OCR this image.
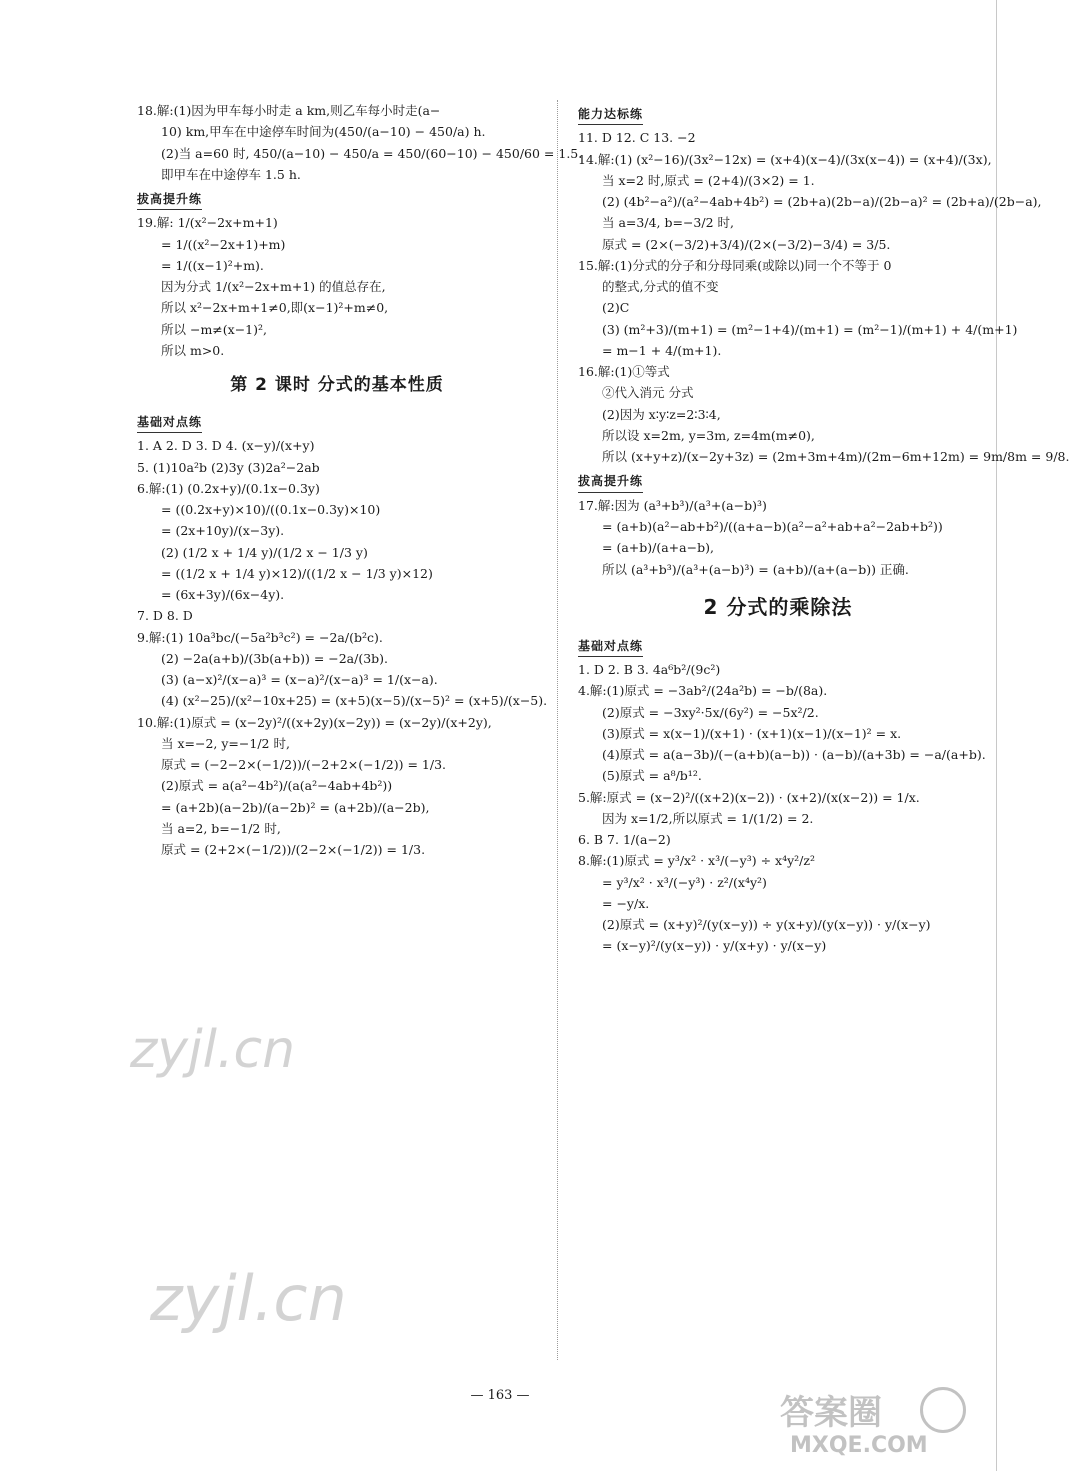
18.解:(1)因为甲车每小时走 a km,则乙车每小时走(a−
10) km,甲车在中途停车时间为(450/(a−10) − 450/a) h.
(2)当 a=60 时, 450/(a−10) − 450/a = 450/(60−10) − 450/60 = 1.5.
即甲车在中途停车 1.5 h.
拔高提升练
19.解: 1/(x²−2x+m+1)
= 1/((x²−2x+1)+m)
= 1/((x−1)²+m).
因为分式 1/(x²−2x+m+1) 的值总存在,
所以 x²−2x+m+1≠0,即(x−1)²+m≠0,
所以 −m≠(x−1)²,
所以 m>0.
第 2 课时 分式的基本性质
基础对点练
1. A 2. D 3. D 4. (x−y)/(x+y)
5. (1)10a²b (2)3y (3)2a²−2ab
6.解:(1) (0.2x+y)/(0.1x−0.3y)
= ((0.2x+y)×10)/((0.1x−0.3y)×10)
= (2x+10y)/(x−3y).
(2) (1/2 x + 1/4 y)/(1/2 x − 1/3 y)
= ((1/2 x + 1/4 y)×12)/((1/2 x − 1/3 y)×12)
= (6x+3y)/(6x−4y).
7. D 8. D
9.解:(1) 10a³bc/(−5a²b³c²) = −2a/(b²c).
(2) −2a(a+b)/(3b(a+b)) = −2a/(3b).
(3) (a−x)²/(x−a)³ = (x−a)²/(x−a)³ = 1/(x−a).
(4) (x²−25)/(x²−10x+25) = (x+5)(x−5)/(x−5)² = (x+5)/(x−5).
10.解:(1)原式 = (x−2y)²/((x+2y)(x−2y)) = (x−2y)/(x+2y),
当 x=−2, y=−1/2 时,
原式 = (−2−2×(−1/2))/(−2+2×(−1/2)) = 1/3.
(2)原式 = a(a²−4b²)/(a(a²−4ab+4b²))
= (a+2b)(a−2b)/(a−2b)² = (a+2b)/(a−2b),
当 a=2, b=−1/2 时,
原式 = (2+2×(−1/2))/(2−2×(−1/2)) = 1/3.
能力达标练
11. D 12. C 13. −2
14.解:(1) (x²−16)/(3x²−12x) = (x+4)(x−4)/(3x(x−4)) = (x+4)/(3x),
当 x=2 时,原式 = (2+4)/(3×2) = 1.
(2) (4b²−a²)/(a²−4ab+4b²) = (2b+a)(2b−a)/(2b−a)² = (2b+a)/(2b−a),
当 a=3/4, b=−3/2 时,
原式 = (2×(−3/2)+3/4)/(2×(−3/2)−3/4) = 3/5.
15.解:(1)分式的分子和分母同乘(或除以)同一个不等于 0
的整式,分式的值不变
(2)C
(3) (m²+3)/(m+1) = (m²−1+4)/(m+1) = (m²−1)/(m+1) + 4/(m+1)
= m−1 + 4/(m+1).
16.解:(1)①等式
②代入消元 分式
(2)因为 x∶y∶z=2∶3∶4,
所以设 x=2m, y=3m, z=4m(m≠0),
所以 (x+y+z)/(x−2y+3z) = (2m+3m+4m)/(2m−6m+12m) = 9m/8m = 9/8.
拔高提升练
17.解:因为 (a³+b³)/(a³+(a−b)³)
= (a+b)(a²−ab+b²)/((a+a−b)(a²−a²+ab+a²−2ab+b²))
= (a+b)/(a+a−b),
所以 (a³+b³)/(a³+(a−b)³) = (a+b)/(a+(a−b)) 正确.
2 分式的乘除法
基础对点练
1. D 2. B 3. 4a⁶b²/(9c²)
4.解:(1)原式 = −3ab²/(24a²b) = −b/(8a).
(2)原式 = −3xy²·5x/(6y²) = −5x²/2.
(3)原式 = x(x−1)/(x+1) · (x+1)(x−1)/(x−1)² = x.
(4)原式 = a(a−3b)/(−(a+b)(a−b)) · (a−b)/(a+3b) = −a/(a+b).
(5)原式 = a⁸/b¹².
5.解:原式 = (x−2)²/((x+2)(x−2)) · (x+2)/(x(x−2)) = 1/x.
因为 x=1/2,所以原式 = 1/(1/2) = 2.
6. B 7. 1/(a−2)
8.解:(1)原式 = y³/x² · x³/(−y³) ÷ x⁴y²/z²
= y³/x² · x³/(−y³) · z²/(x⁴y²)
= −y/x.
(2)原式 = (x+y)²/(y(x−y)) ÷ y(x+y)/(y(x−y)) · y/(x−y)
= (x−y)²/(y(x−y)) · y/(x+y) · y/(x−y)
zyjl.cn
zyjl.cn
— 163 —	答案圈
MXQE.COM
